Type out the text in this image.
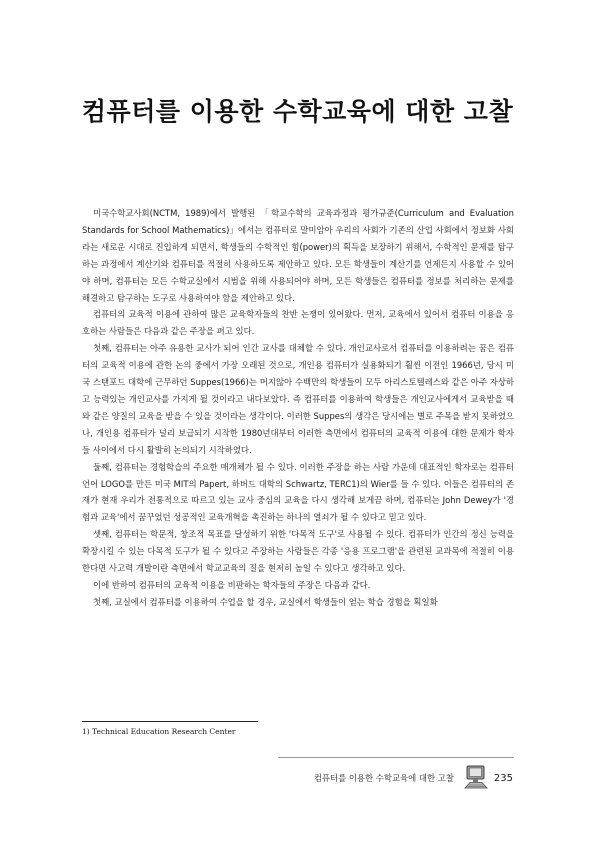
컴퓨터를 이용한 수학교육에 대한 고찰

미국수학교사회(NCTM, 1989)에서 발행된 「학교수학의 교육과정과 평가규준(Curriculum and Evaluation Standards for School Mathematics)」에서는 컴퓨터로 말미암아 우리의 사회가 기존의 산업 사회에서 정보화 사회라는 새로운 시대로 진입하게 되면서, 학생들의 수학적인 힘(power)의 획득을 보장하기 위해서, 수학적인 문제를 탐구하는 과정에서 계산기와 컴퓨터를 적절히 사용하도록 제안하고 있다. 모든 학생들이 계산기를 언제든지 사용할 수 있어야 하며, 컴퓨터는 모든 수학교실에서 시범을 위해 사용되어야 하며, 모든 학생들은 컴퓨터를 정보를 처리하는 문제를 해결하고 탐구하는 도구로 사용하여야 함을 제안하고 있다.

컴퓨터의 교육적 이용에 관하여 많은 교육학자들의 찬반 논쟁이 있어왔다. 먼저, 교육에서 있어서 컴퓨터 이용을 옹호하는 사람들은 다음과 같은 주장을 펴고 있다.

첫째, 컴퓨터는 아주 유용한 교사가 되어 인간 교사를 대체할 수 있다. 개인교사로서 컴퓨터를 이용하려는 꿈은 컴퓨터의 교육적 이용에 관한 논의 중에서 가장 오래된 것으로, 개인용 컴퓨터가 실용화되기 훨씬 이전인 1966년, 당시 미국 스탠포드 대학에 근무하던 Suppes(1966)는 머지않아 수백만의 학생들이 모두 아리스토텔레스와 같은 아주 자상하고 능력있는 개인교사를 가지게 될 것이라고 내다보았다. 즉 컴퓨터를 이용하여 학생들은 개인교사에게서 교육받을 때와 같은 양질의 교육을 받을 수 있을 것이라는 생각이다. 이러한 Suppes의 생각은 당시에는 별로 주목을 받지 못하였으나, 개인용 컴퓨터가 널리 보급되기 시작한 1980년대부터 이러한 측면에서 컴퓨터의 교육적 이용에 대한 문제가 학자들 사이에서 다시 활발히 논의되기 시작하였다.

둘째, 컴퓨터는 경험학습의 주요한 매개체가 될 수 있다. 이러한 주장을 하는 사람 가운데 대표적인 학자로는 컴퓨터 언어 LOGO를 만든 미국 MIT의 Papert, 하버드 대학의 Schwartz, TERC1)의 Wier를 들 수 있다. 이들은 컴퓨터의 존재가 현재 우리가 전통적으로 따르고 있는 교사 중심의 교육을 다시 생각해 보게끔 하며, 컴퓨터는 John Dewey가 '경험과 교육'에서 꿈꾸었던 성공적인 교육개혁을 촉진하는 하나의 열쇠가 될 수 있다고 믿고 있다.

셋째, 컴퓨터는 학문적, 창조적 목표를 달성하기 위한 '다목적 도구'로 사용될 수 있다. 컴퓨터가 인간의 정신 능력을 확장시킬 수 있는 다목적 도구가 될 수 있다고 주장하는 사람들은 각종 '응용 프로그램'을 관련된 교과목에 적절히 이용한다면 사고력 개발이란 측면에서 학교교육의 질을 현저히 높일 수 있다고 생각하고 있다.

이에 반하여 컴퓨터의 교육적 이용을 비판하는 학자들의 주장은 다음과 같다.

첫째, 교실에서 컴퓨터를 이용하여 수업을 할 경우, 교실에서 학생들이 얻는 학습 경험을 획일화

1) Technical Education Research Center
컴퓨터를 이용한 수학교육에 대한 고찰	235
